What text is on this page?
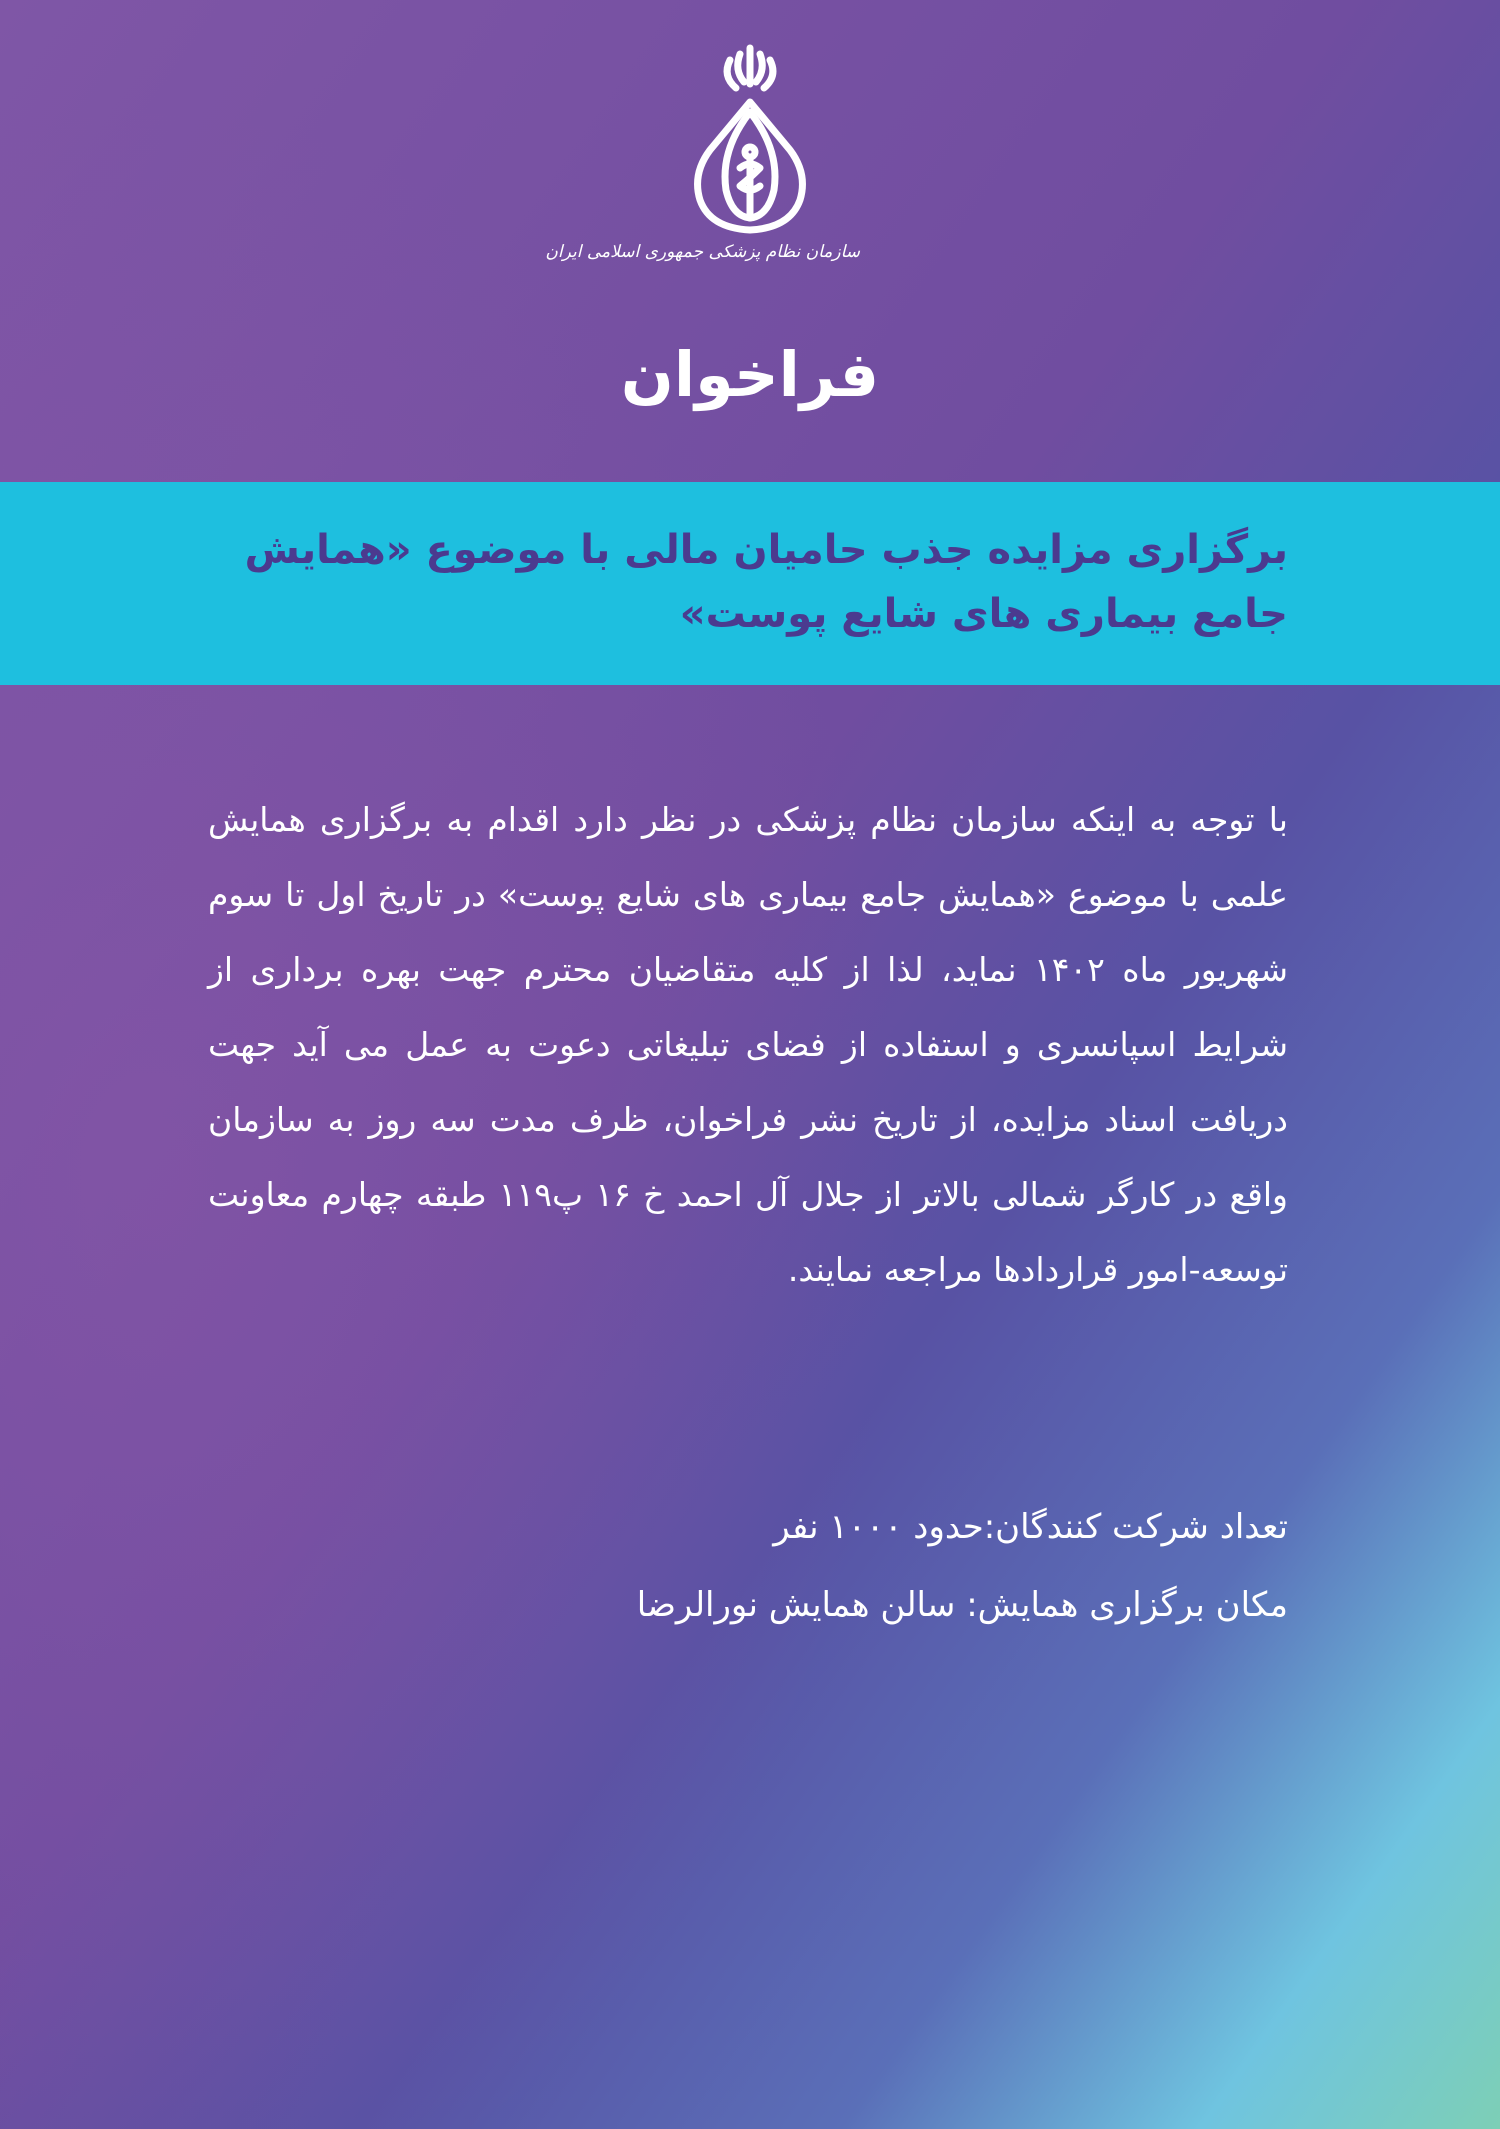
سازمان نظام پزشکی جمهوری اسلامی ایران
فراخوان

برگزاری مزایده جذب حامیان مالی با موضوع «همایش جامع بیماری های شایع پوست»

با توجه به اینکه سازمان نظام پزشکی در نظر دارد اقدام به برگزاری همایش علمی با موضوع «همایش جامع بیماری های شایع پوست» در تاریخ اول تا سوم شهریور ماه ۱۴۰۲ نماید، لذا از کلیه متقاضیان محترم جهت بهره برداری از شرایط اسپانسری و استفاده از فضای تبلیغاتی دعوت به عمل می آید جهت دریافت اسناد مزایده، از تاریخ نشر فراخوان، ظرف مدت سه روز به سازمان واقع در کارگر شمالی بالاتر از جلال آل احمد خ ۱۶ پ۱۱۹ طبقه چهارم معاونت توسعه-امور قراردادها مراجعه نمایند.

تعداد شرکت کنندگان:حدود ۱۰۰۰ نفر
مکان برگزاری همایش: سالن همایش نورالرضا
